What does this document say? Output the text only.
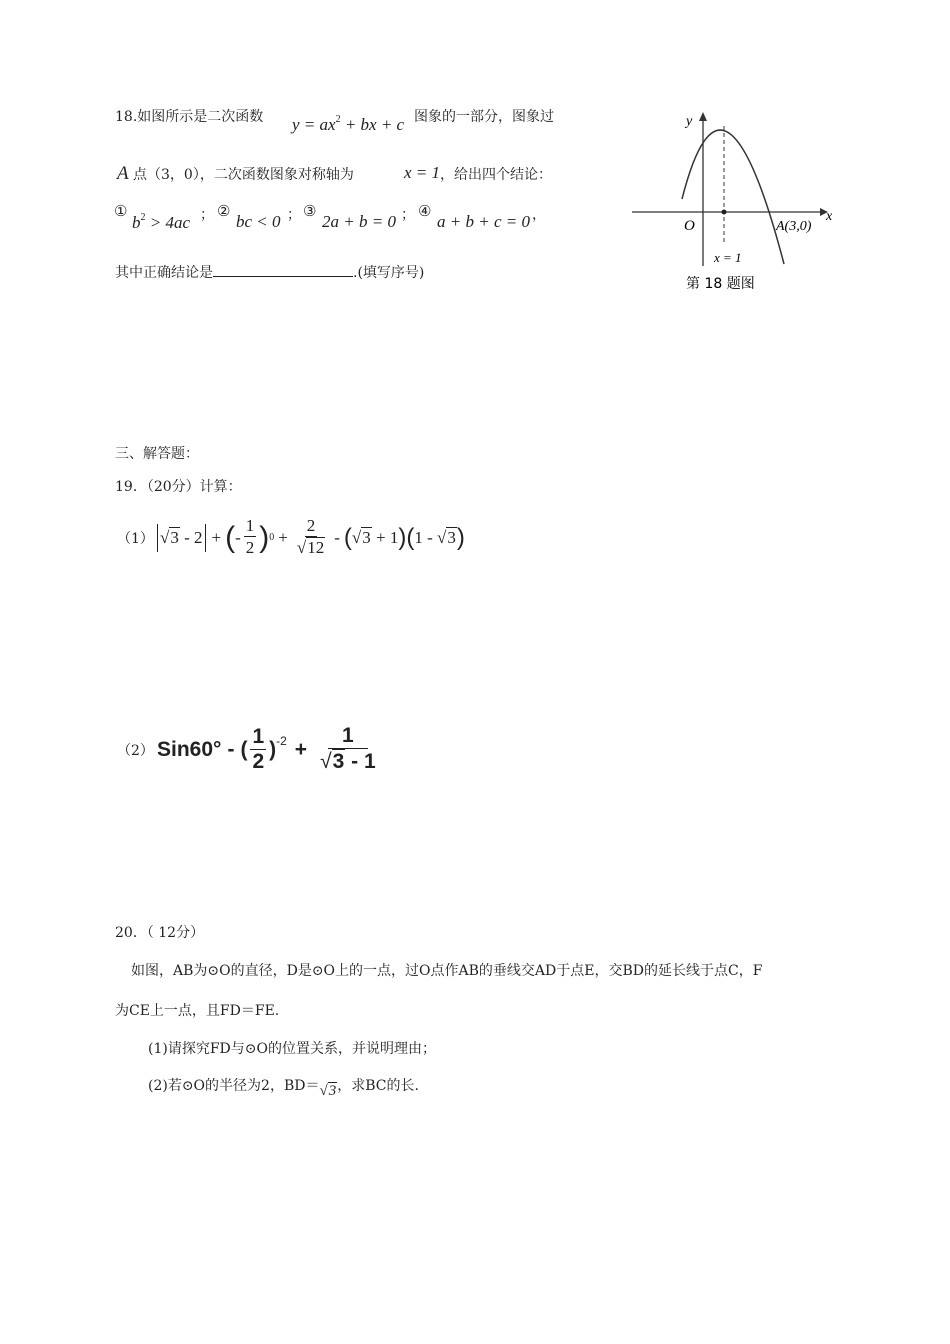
18.如图所示是二次函数 $y = ax^2$ + bx + c 图象的一部分，图象过
A 点（3，0），二次函数图象对称轴为	x = 1 ，给出四个结论：
①
$b^2 > 4ac$ ； ②
bc < 0 ； ③
2a + b = 0 ； ④
a + b + c = 0 ，
其中正确结论是	.(填写序号)
y
x
O	A(3,0)
x = 1
第 18 题图
三、解答题：
19．（20分）计算：
（1） √3 - 2 + ( - $\frac{1}{2}$ ) $0 + \frac{2}{√12}$ - ( √3 + 1 )( 1 - √3 )
（2） Sin60° - ( $\frac{1}{2}$ ) $-2 + \frac{1}{√3 - 1}$
20．（ 12分）
如图，AB为⊙O的直径，D是⊙O上的一点，过O点作AB的垂线交AD于点E，交BD的延长线于点C，F
为CE上一点，且FD＝FE.
(1)请探究FD与⊙O的位置关系，并说明理由；
(2)若⊙O的半径为2，BD＝ √3 ，求BC的长.
